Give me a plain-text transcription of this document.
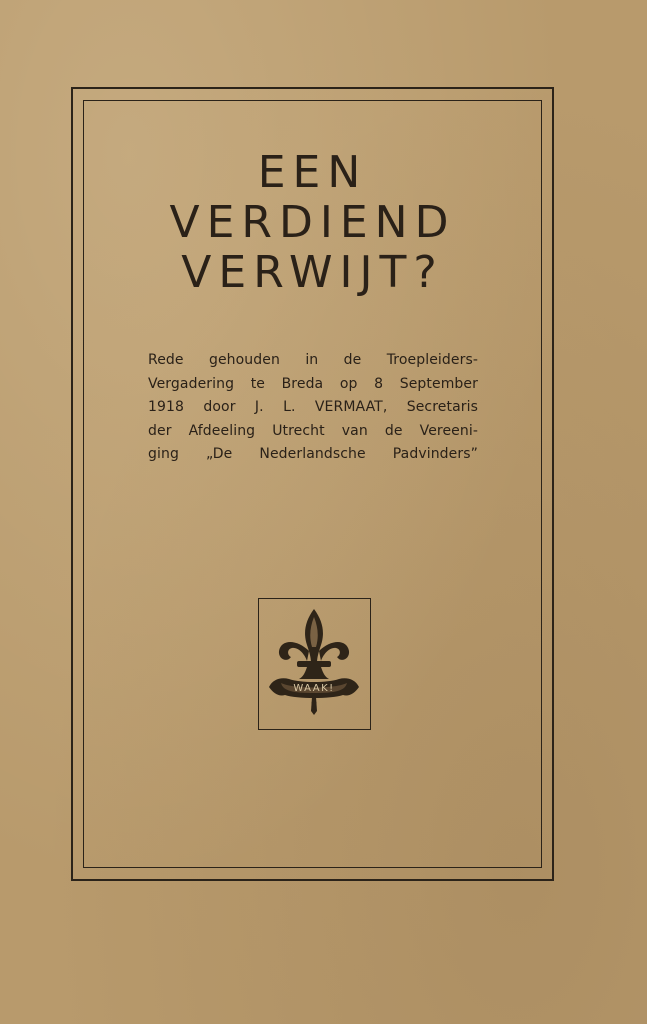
EEN
VERDIEND
VERWIJT?
Rede gehouden in de Troepleiders-
Vergadering te Breda op 8 September
1918 door J. L. VERMAAT, Secretaris
der Afdeeling Utrecht van de Vereeni-
ging „De Nederlandsche Padvinders”
WAAK!
